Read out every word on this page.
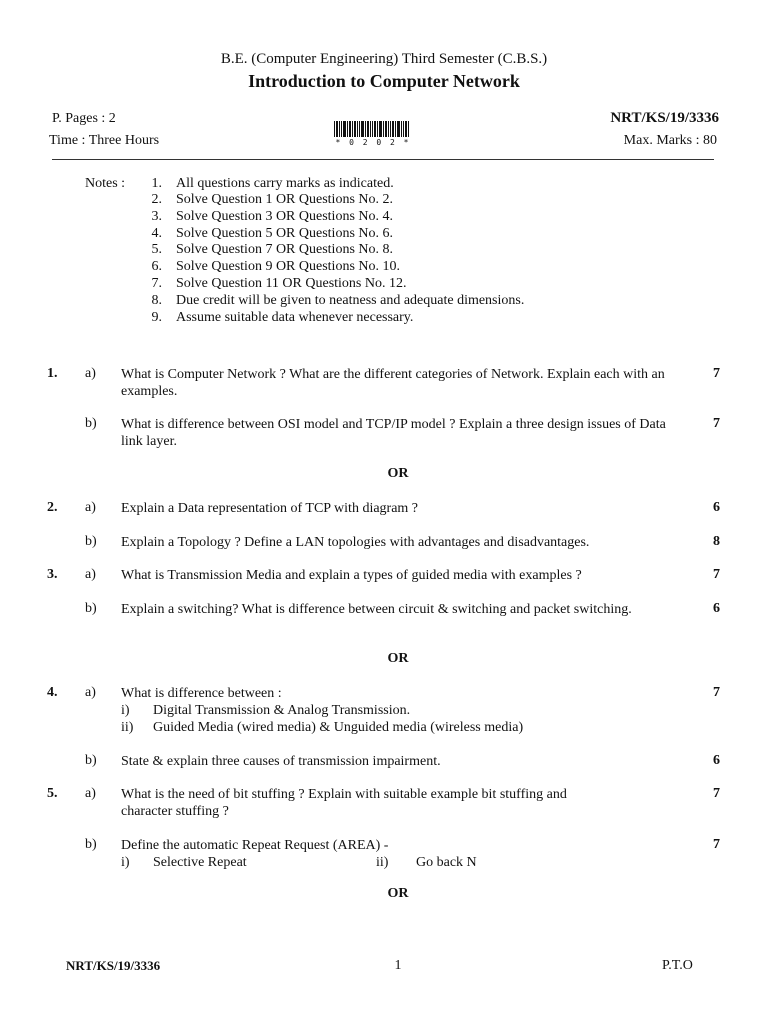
B.E. (Computer Engineering) Third Semester (C.B.S.)
Introduction to Computer Network
P. Pages : 2	NRT/KS/19/3336
Time : Three Hours	Max. Marks : 80
* 0 2 0 2 *
Notes :	1. All questions carry marks as indicated.
2. Solve Question 1 OR Questions No. 2.
3. Solve Question 3 OR Questions No. 4.
4. Solve Question 5 OR Questions No. 6.
5. Solve Question 7 OR Questions No. 8.
6. Solve Question 9 OR Questions No. 10.
7. Solve Question 11 OR Questions No. 12.
8. Due credit will be given to neatness and adequate dimensions.
9. Assume suitable data whenever necessary.
1. a) What is Computer Network ? What are the different categories of Network. Explain each with an examples.
7
b) What is difference between OSI model and TCP/IP model ? Explain a three design issues of Data link layer.
7
OR
2. a) Explain a Data representation of TCP with diagram ?	6
b) Explain a Topology ? Define a LAN topologies with advantages and disadvantages.	8
3. a) What is Transmission Media and explain a types of guided media with examples ?	7
b) Explain a switching? What is difference between circuit & switching and packet switching.	6
OR
4. a) What is difference between :	7
i) Digital Transmission & Analog Transmission.
ii) Guided Media (wired media) & Unguided media (wireless media)
b) State & explain three causes of transmission impairment.	6
5. a) What is the need of bit stuffing ? Explain with suitable example bit stuffing and character stuffing ?
7
b) Define the automatic Repeat Request (AREA) -	7
i) Selective Repeat	ii) Go back N
OR
NRT/KS/19/3336	1	P.T.O
